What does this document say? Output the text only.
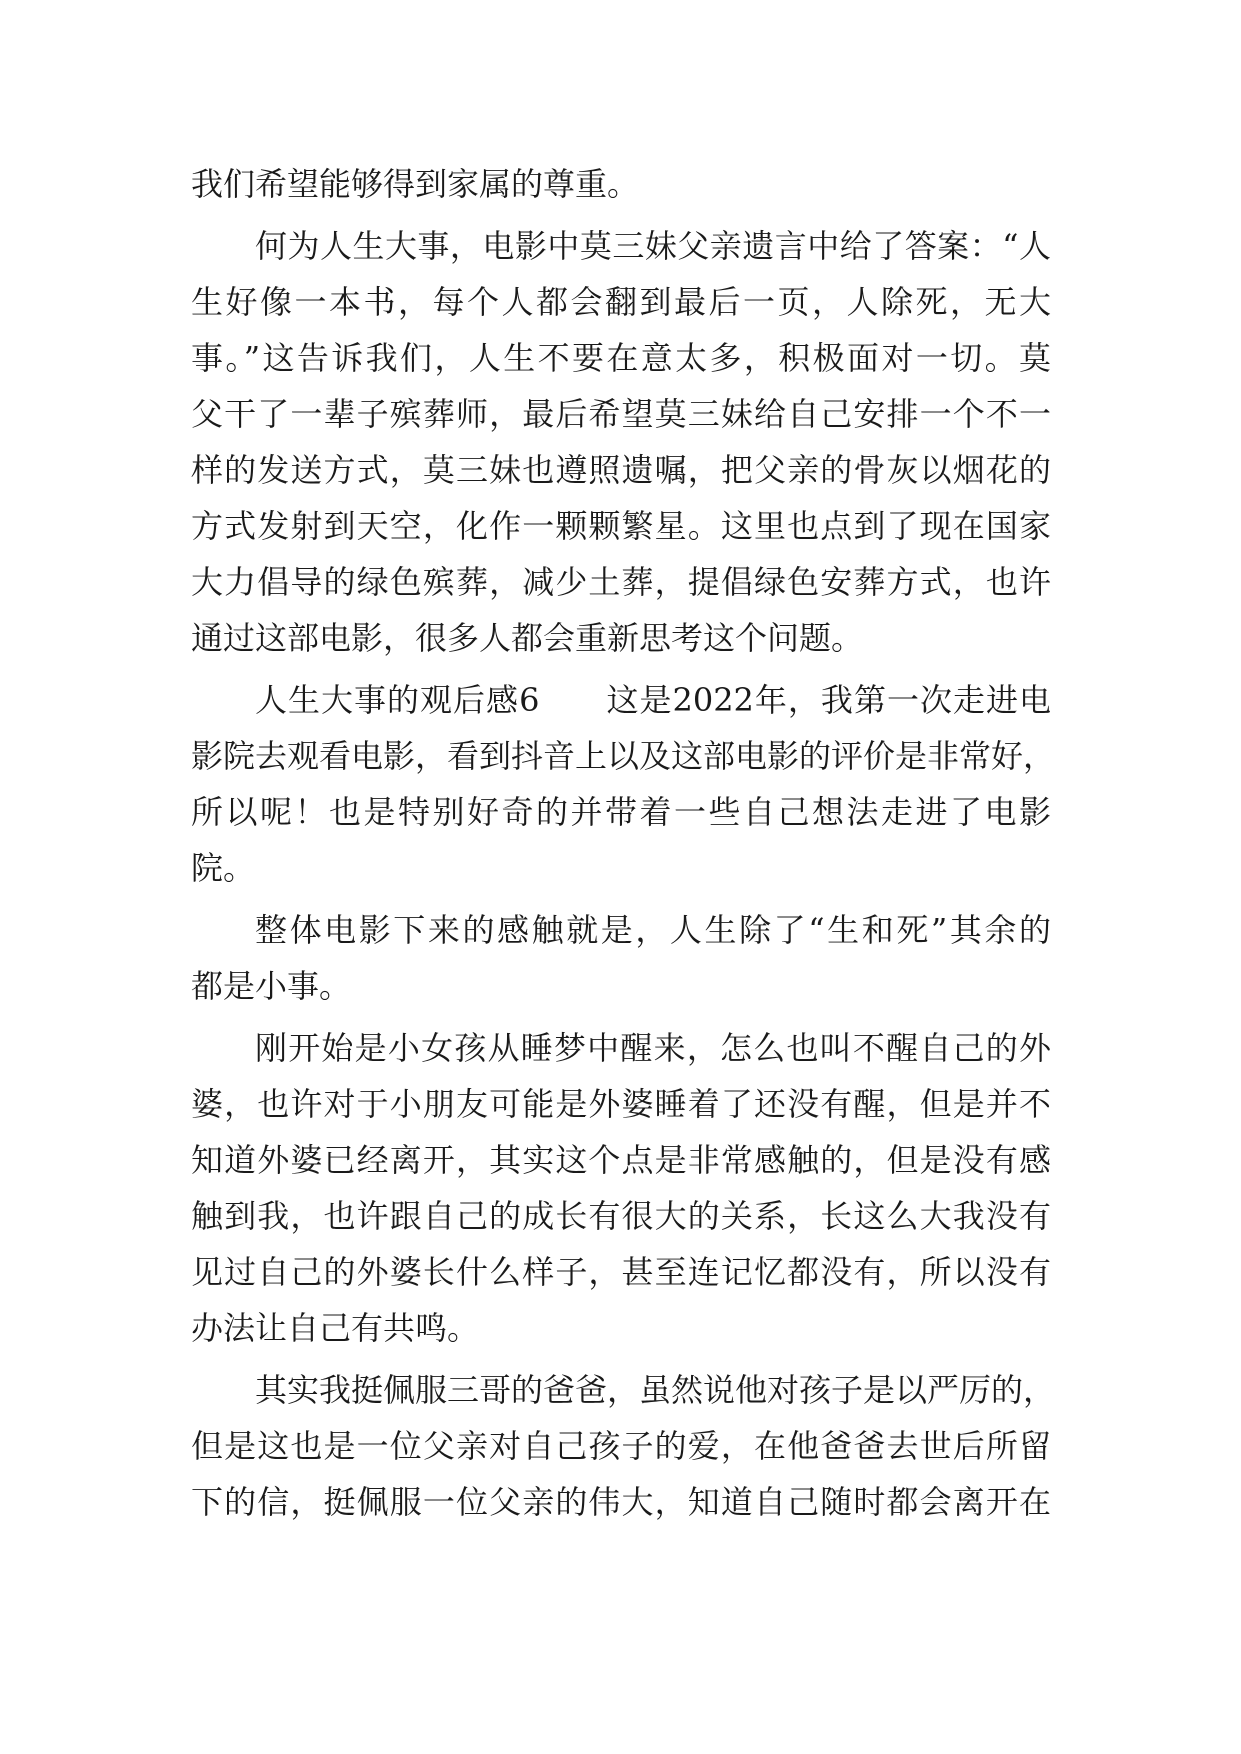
我们希望能够得到家属的尊重。
何为人生大事，电影中莫三妹父亲遗言中给了答案：“人
生好像一本书，每个人都会翻到最后一页，人除死，无大
事。”这告诉我们，人生不要在意太多，积极面对一切。莫
父干了一辈子殡葬师，最后希望莫三妹给自己安排一个不一
样的发送方式，莫三妹也遵照遗嘱，把父亲的骨灰以烟花的
方式发射到天空，化作一颗颗繁星。这里也点到了现在国家
大力倡导的绿色殡葬，减少土葬，提倡绿色安葬方式，也许
通过这部电影，很多人都会重新思考这个问题。
人生大事的观后感6　　这是2022年，我第一次走进电
影院去观看电影，看到抖音上以及这部电影的评价是非常好，
所以呢！也是特别好奇的并带着一些自己想法走进了电影
院。
整体电影下来的感触就是，人生除了“生和死”其余的
都是小事。
刚开始是小女孩从睡梦中醒来，怎么也叫不醒自己的外
婆，也许对于小朋友可能是外婆睡着了还没有醒，但是并不
知道外婆已经离开，其实这个点是非常感触的，但是没有感
触到我，也许跟自己的成长有很大的关系，长这么大我没有
见过自己的外婆长什么样子，甚至连记忆都没有，所以没有
办法让自己有共鸣。
其实我挺佩服三哥的爸爸，虽然说他对孩子是以严厉的，
但是这也是一位父亲对自己孩子的爱，在他爸爸去世后所留
下的信，挺佩服一位父亲的伟大，知道自己随时都会离开在
